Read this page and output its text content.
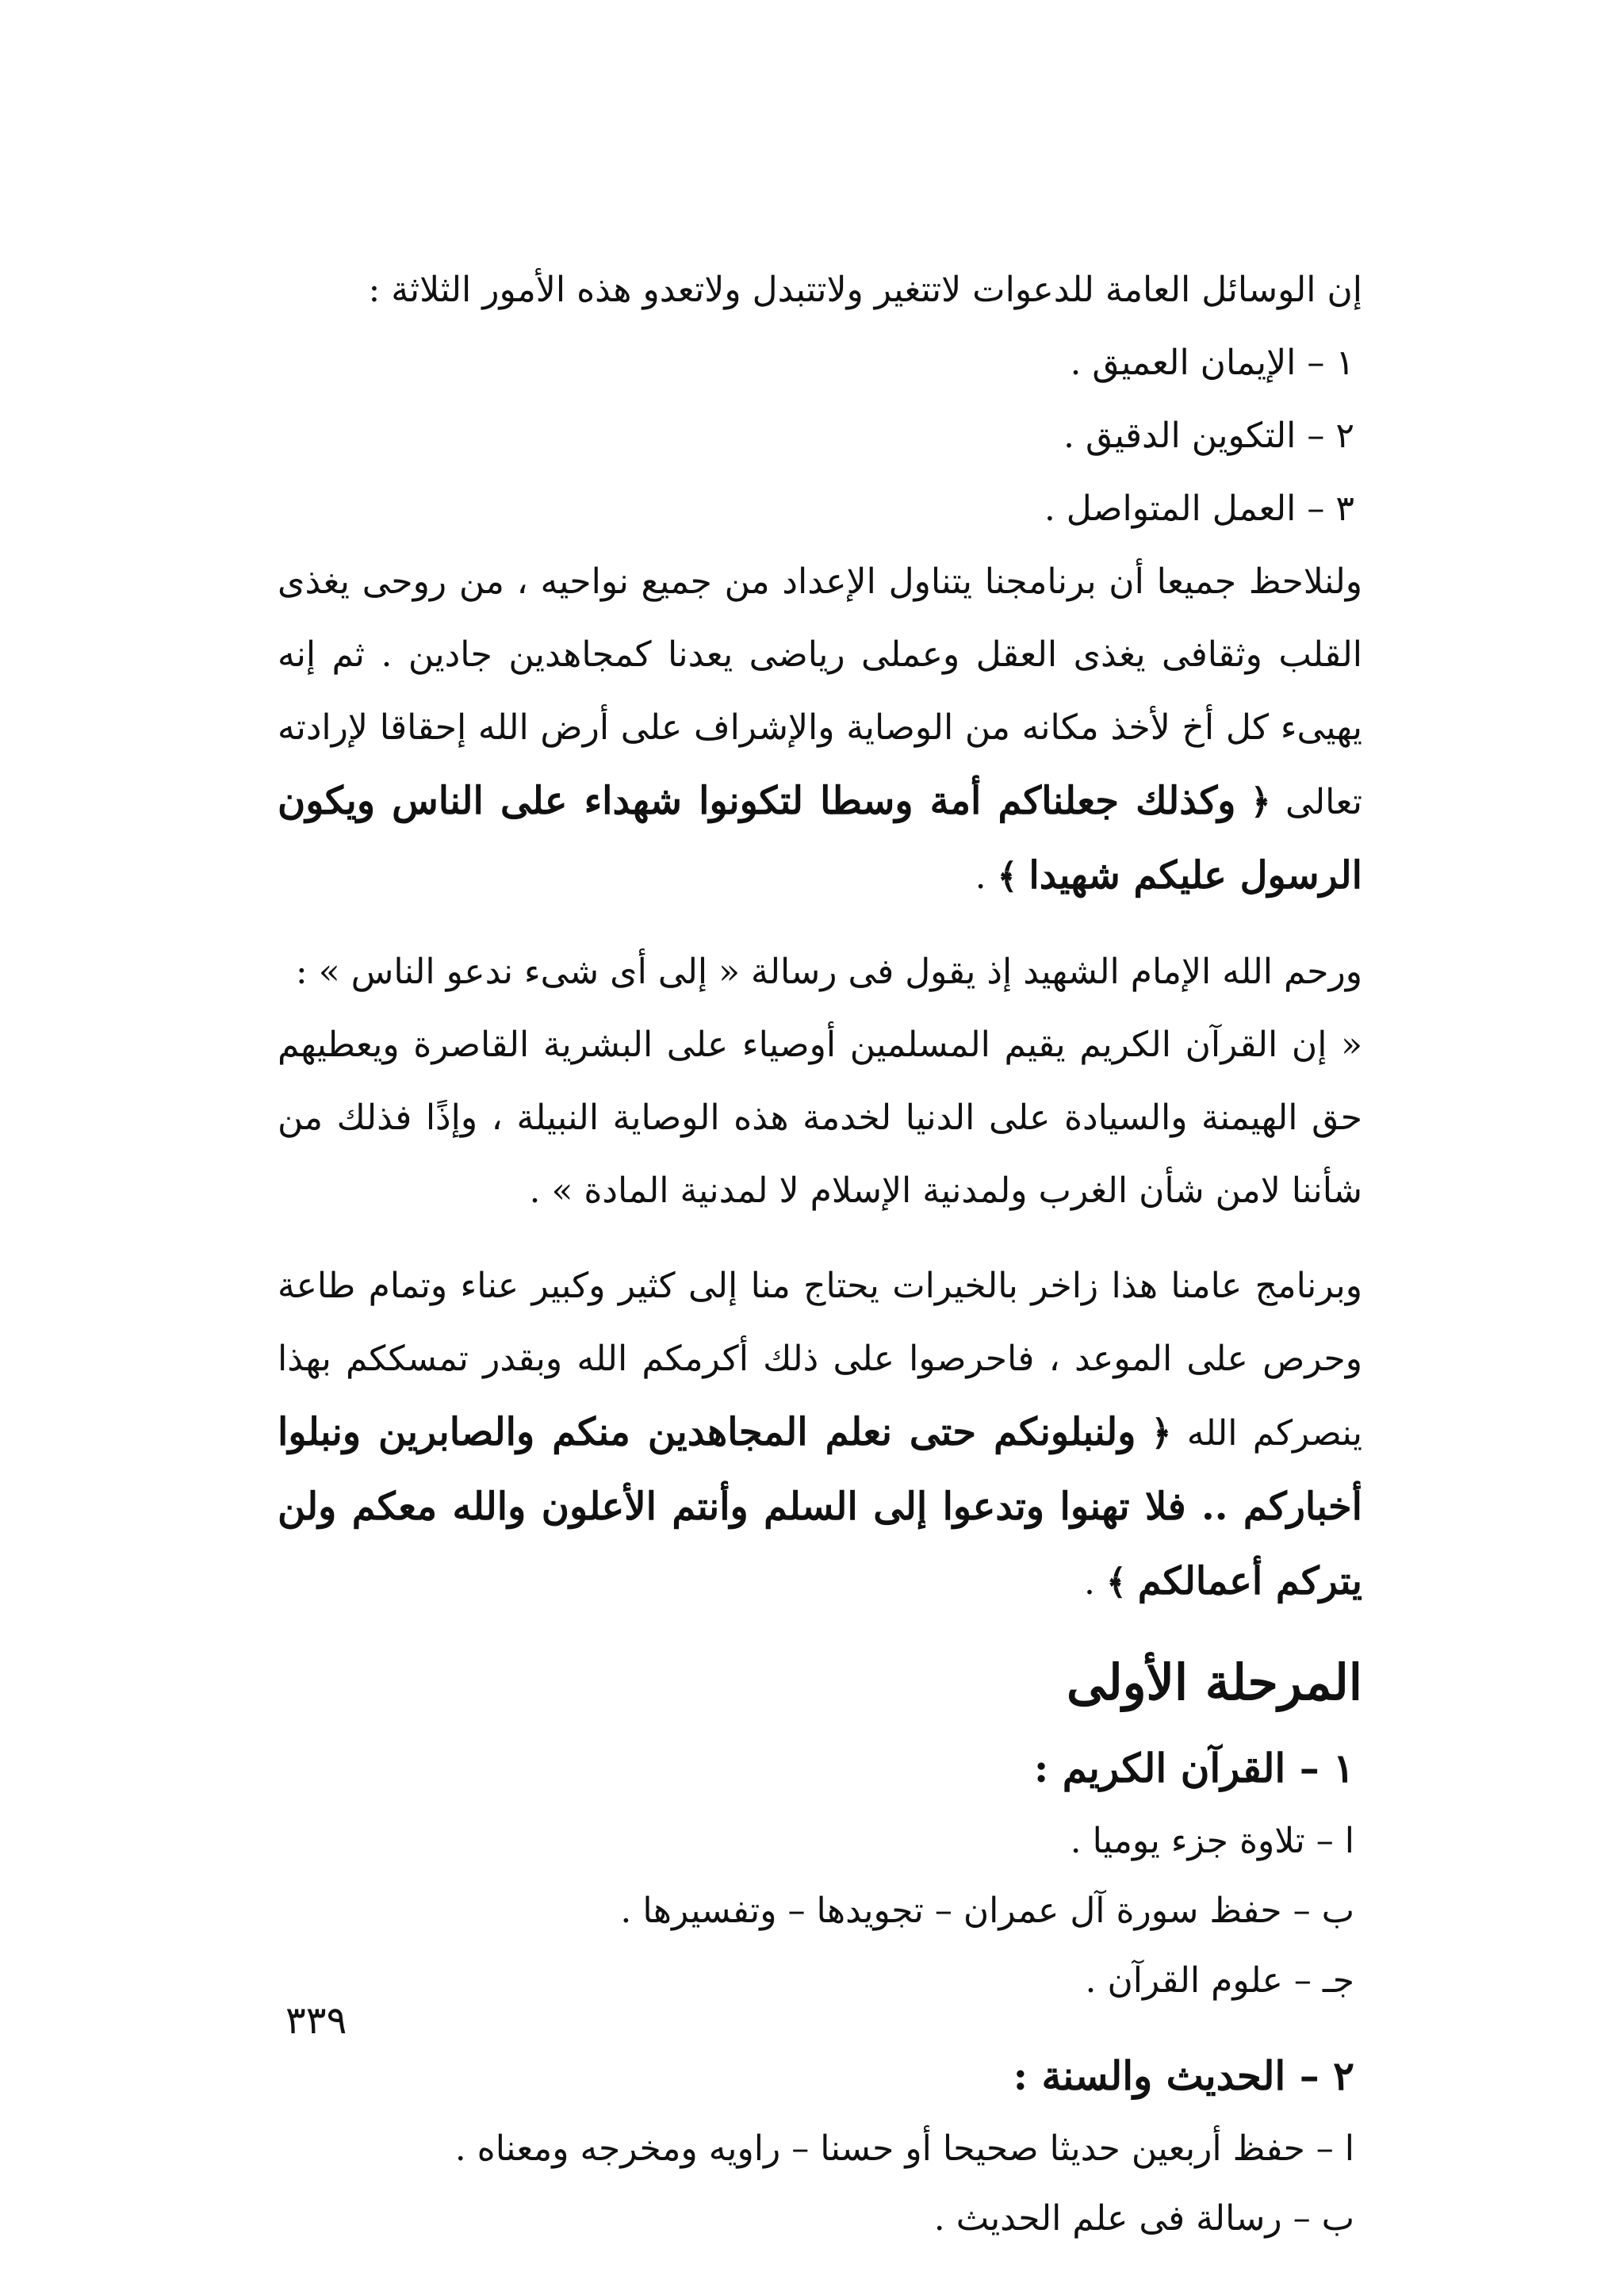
إن الوسائل العامة للدعوات لاتتغير ولاتتبدل ولاتعدو هذه الأمور الثلاثة :

١ – الإيمان العميق .
٢ – التكوين الدقيق .
٣ – العمل المتواصل .

ولنلاحظ جميعا أن برنامجنا يتناول الإعداد من جميع نواحيه ، من روحى يغذى القلب وثقافى يغذى العقل وعملى رياضى يعدنا كمجاهدين جادين . ثم إنه يهيىء كل أخ لأخذ مكانه من الوصاية والإشراف على أرض الله إحقاقا لإرادته تعالى ﴿ وكذلك جعلناكم أمة وسطا لتكونوا شهداء على الناس ويكون الرسول عليكم شهيدا ﴾ .

ورحم الله الإمام الشهيد إذ يقول فى رسالة « إلى أى شىء ندعو الناس » :
« إن القرآن الكريم يقيم المسلمين أوصياء على البشرية القاصرة ويعطيهم حق الهيمنة والسيادة على الدنيا لخدمة هذه الوصاية النبيلة ، وإذًا فذلك من شأننا لامن شأن الغرب ولمدنية الإسلام لا لمدنية المادة » .

وبرنامج عامنا هذا زاخر بالخيرات يحتاج منا إلى كثير وكبير عناء وتمام طاعة وحرص على الموعد ، فاحرصوا على ذلك أكرمكم الله وبقدر تمسككم بهذا ينصركم الله ﴿ ولنبلونكم حتى نعلم المجاهدين منكم والصابرين ونبلوا أخباركم .. فلا تهنوا وتدعوا إلى السلم وأنتم الأعلون والله معكم ولن يتركم أعمالكم ﴾ .

المرحلة الأولى
١ – القرآن الكريم :
ا – تلاوة جزء يوميا .
ب – حفظ سورة آل عمران – تجويدها – وتفسيرها .
جـ – علوم القرآن .
٢ – الحديث والسنة :
ا – حفظ أربعين حديثا صحيحا أو حسنا – راويه ومخرجه ومعناه .
ب – رسالة فى علم الحديث .
٣٣٩
